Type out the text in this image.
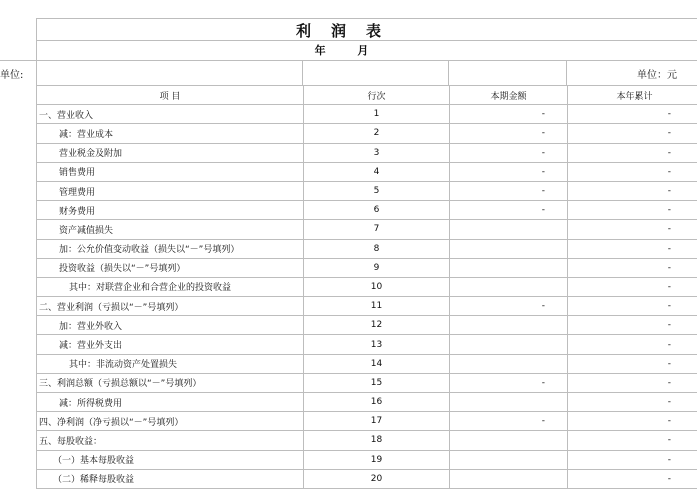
利润表
年 月
单位:	单位：元
项 目	行次	本期金额	本年累计
一、营业收入	1	-	-
减：营业成本	2	-	-
营业税金及附加	3	-	-
销售费用	4	-	-
管理费用	5	-	-
财务费用	6	-	-
资产减值损失	7		-
加：公允价值变动收益（损失以“－”号填列）	8		-
投资收益（损失以“－”号填列）	9		-
其中：对联营企业和合营企业的投资收益	10		-
二、营业利润（亏损以“－”号填列）	11	-	-
加：营业外收入	12		-
减：营业外支出	13		-
其中：非流动资产处置损失	14		-
三、利润总额（亏损总额以“－”号填列）	15	-	-
减：所得税费用	16		-
四、净利润（净亏损以“－”号填列）	17	-	-
五、每股收益：	18		-
（一）基本每股收益	19		-
（二）稀释每股收益	20		-
